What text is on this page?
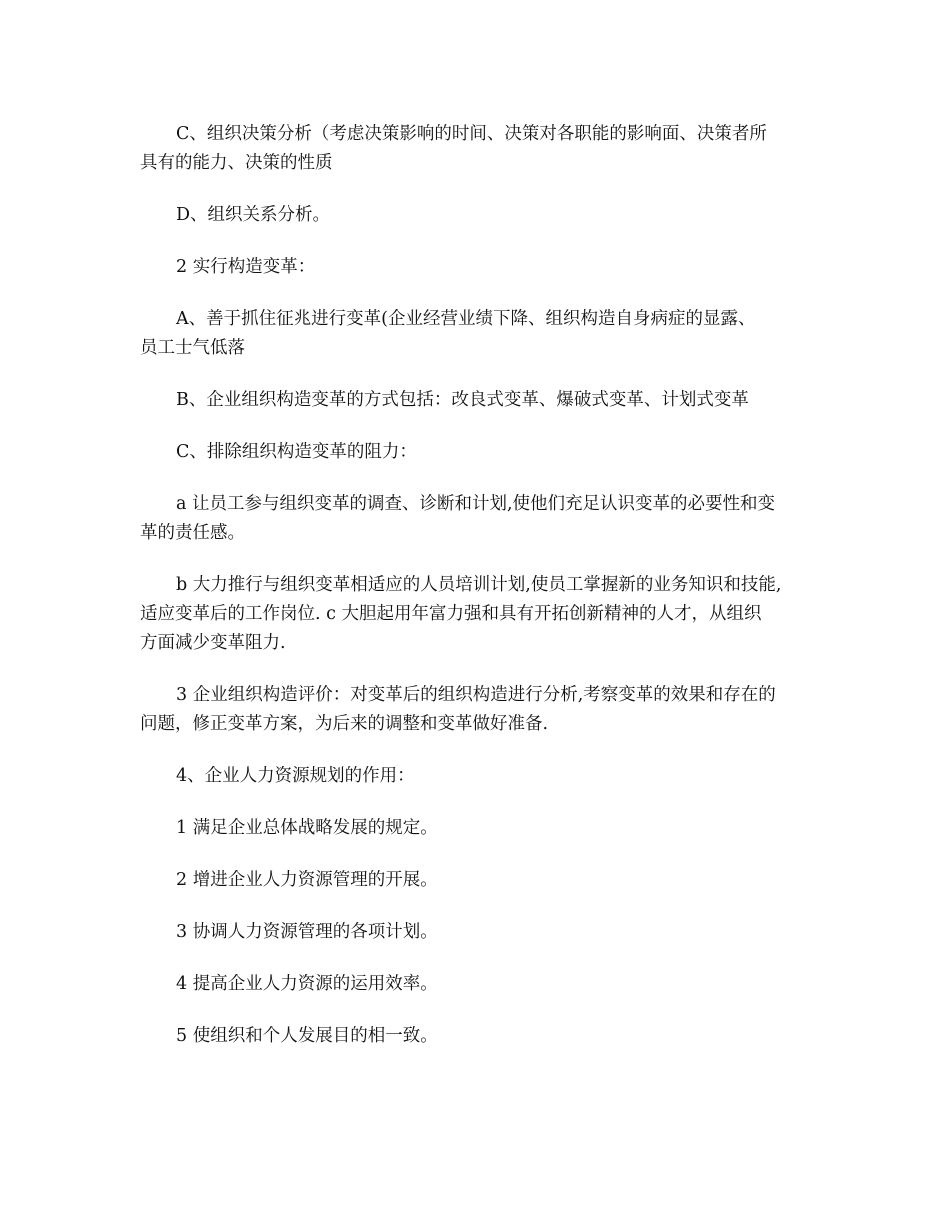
C、组织决策分析（考虑决策影响的时间、决策对各职能的影响面、决策者所
具有的能力、决策的性质

D、组织关系分析。

2 实行构造变革：

A、善于抓住征兆进行变革(企业经营业绩下降、组织构造自身病症的显露、
员工士气低落

B、企业组织构造变革的方式包括：改良式变革、爆破式变革、计划式变革

C、排除组织构造变革的阻力：

a 让员工参与组织变革的调查、诊断和计划,使他们充足认识变革的必要性和变
革的责任感。

b 大力推行与组织变革相适应的人员培训计划,使员工掌握新的业务知识和技能,
适应变革后的工作岗位. c 大胆起用年富力强和具有开拓创新精神的人才，从组织
方面减少变革阻力.

3 企业组织构造评价：对变革后的组织构造进行分析,考察变革的效果和存在的
问题，修正变革方案，为后来的调整和变革做好准备.

4、企业人力资源规划的作用：

1 满足企业总体战略发展的规定。

2 增进企业人力资源管理的开展。

3 协调人力资源管理的各项计划。

4 提高企业人力资源的运用效率。

5 使组织和个人发展目的相一致。
